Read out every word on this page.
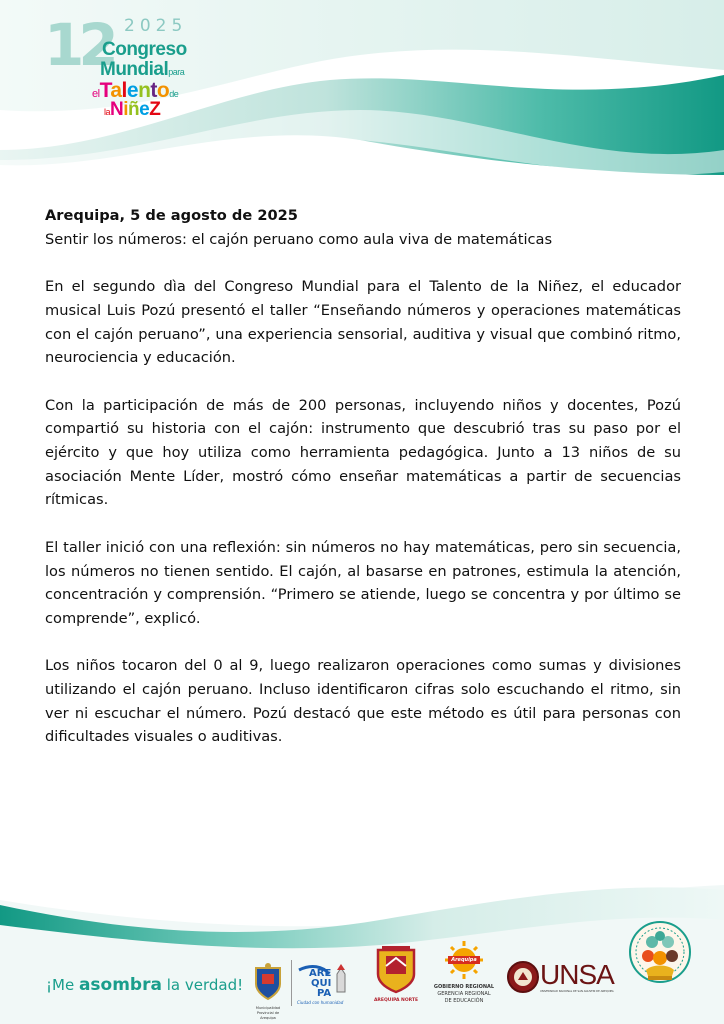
12 2025
Congreso
Mundialpara
elTalentode
laNiñeZ

Arequipa, 5 de agosto de 2025

Sentir los números: el cajón peruano como aula viva de matemáticas

En el segundo dìa del Congreso Mundial para el Talento de la Niñez, el educador musical Luis Pozú presentó el taller “Enseñando números y operaciones matemáticas con el cajón peruano”, una experiencia sensorial, auditiva y visual que combinó ritmo, neurociencia y educación.

Con la participación de más de 200 personas, incluyendo niños y docentes, Pozú compartió su historia con el cajón: instrumento que descubrió tras su paso por el ejército y que hoy utiliza como herramienta pedagógica. Junto a 13 niños de su asociación Mente Líder, mostró cómo enseñar matemáticas a partir de secuencias rítmicas.

El taller inició con una reflexión: sin números no hay matemáticas, pero sin secuencia, los números no tienen sentido. El cajón, al basarse en patrones, estimula la atención, concentración y comprensión. “Primero se atiende, luego se concentra y por último se comprende”, explicó.

Los niños tocaron del 0 al 9, luego realizaron operaciones como sumas y divisiones

utilizando el cajón peruano. Incluso identificaron cifras solo escuchando el ritmo, sin ver ni escuchar el número. Pozú destacó que este método es útil para personas con dificultades visuales o auditivas.

¡Me asombra la verdad!
Municipalidad Provincial de Arequipa
ARE
QUI
PA
Ciudad con humanidad	AREQUIPA NORTE
Arequipa
GOBIERNO REGIONAL
GERENCIA REGIONAL
DE EDUCACIÓN
UNSA
UNIVERSIDAD NACIONAL DE SAN AGUSTÍN DE AREQUIPA
